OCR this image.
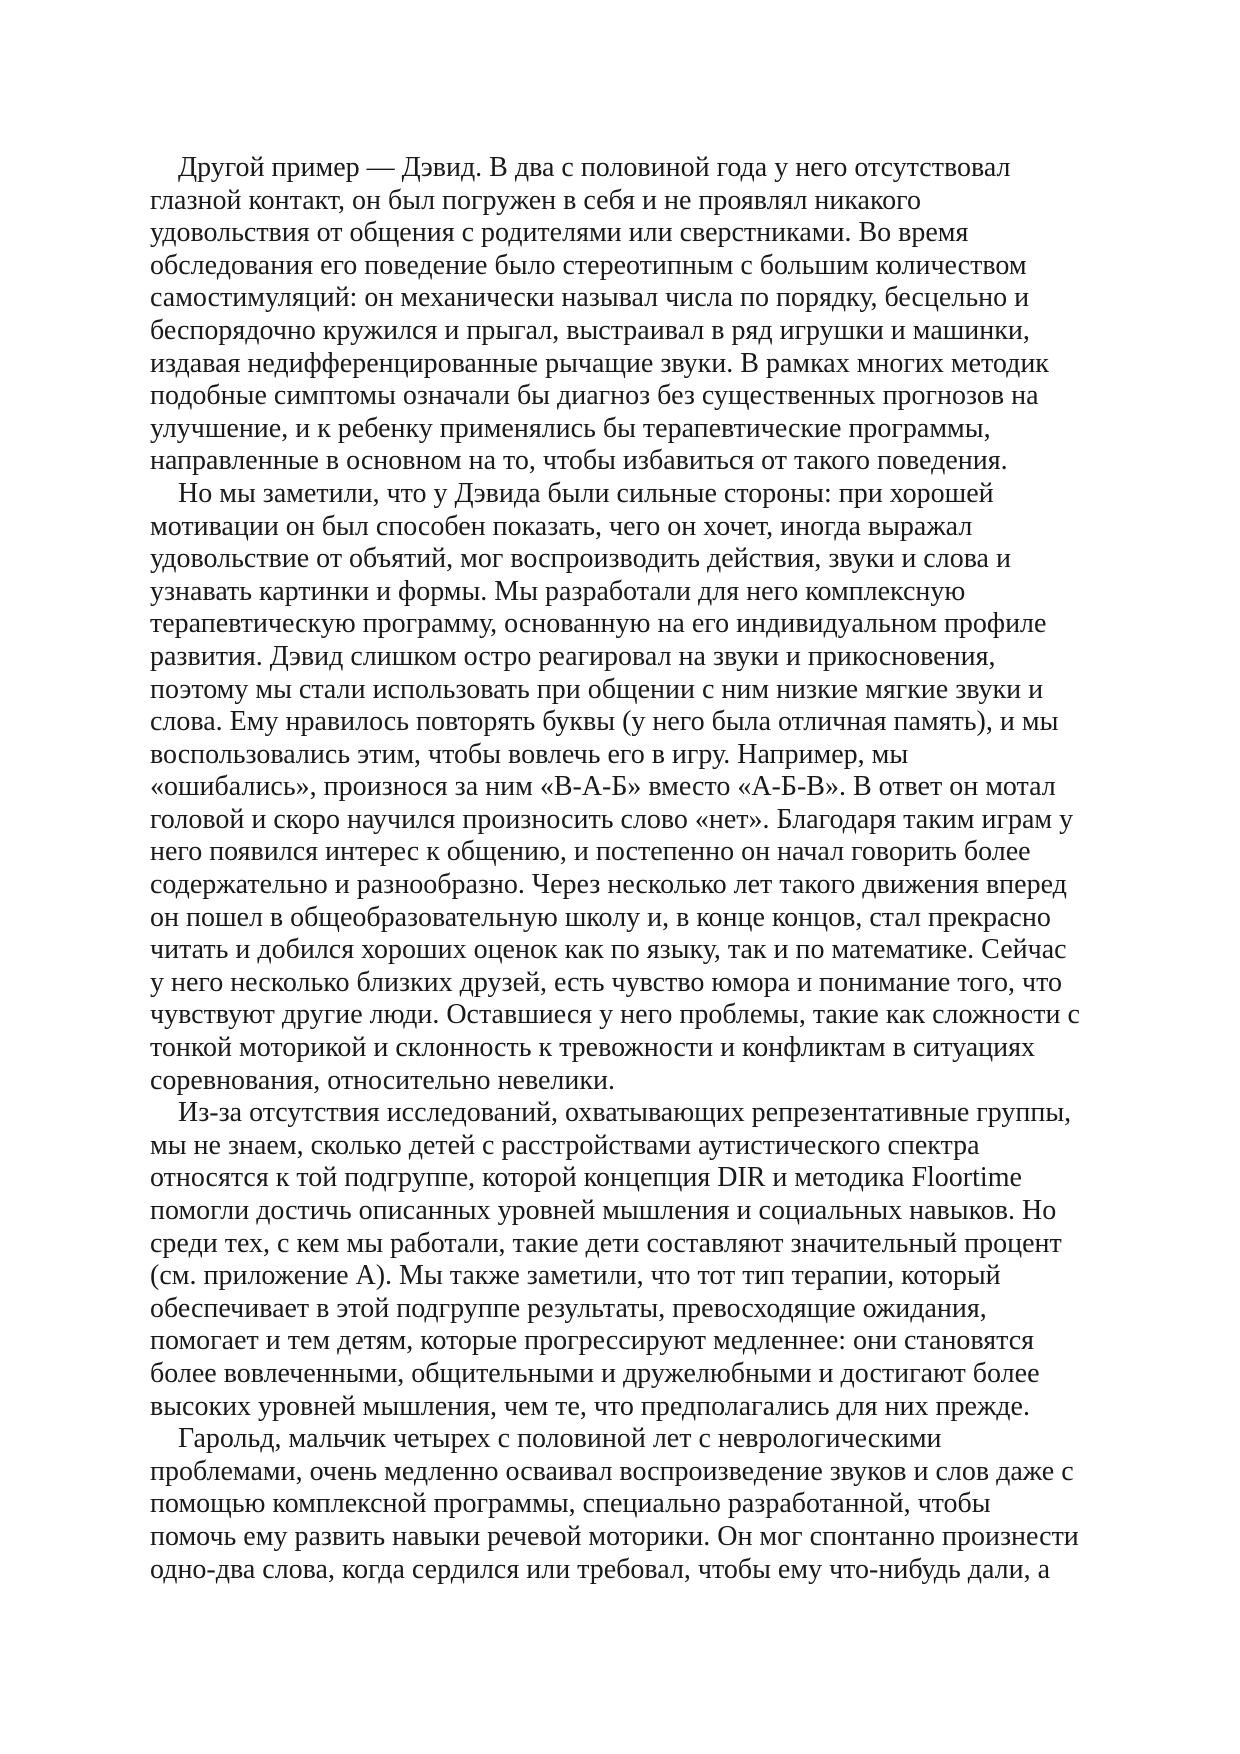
Другой пример — Дэвид. В два с половиной года у него отсутствовал
глазной контакт, он был погружен в себя и не проявлял никакого
удовольствия от общения с родителями или сверстниками. Во время
обследования его поведение было стереотипным с большим количеством
самостимуляций: он механически называл числа по порядку, бесцельно и
беспорядочно кружился и прыгал, выстраивал в ряд игрушки и машинки,
издавая недифференцированные рычащие звуки. В рамках многих методик
подобные симптомы означали бы диагноз без существенных прогнозов на
улучшение, и к ребенку применялись бы терапевтические программы,
направленные в основном на то, чтобы избавиться от такого поведения.
Но мы заметили, что у Дэвида были сильные стороны: при хорошей
мотивации он был способен показать, чего он хочет, иногда выражал
удовольствие от объятий, мог воспроизводить действия, звуки и слова и
узнавать картинки и формы. Мы разработали для него комплексную
терапевтическую программу, основанную на его индивидуальном профиле
развития. Дэвид слишком остро реагировал на звуки и прикосновения,
поэтому мы стали использовать при общении с ним низкие мягкие звуки и
слова. Ему нравилось повторять буквы (у него была отличная память), и мы
воспользовались этим, чтобы вовлечь его в игру. Например, мы
«ошибались», произнося за ним «В-А-Б» вместо «А-Б-В». В ответ он мотал
головой и скоро научился произносить слово «нет». Благодаря таким играм у
него появился интерес к общению, и постепенно он начал говорить более
содержательно и разнообразно. Через несколько лет такого движения вперед
он пошел в общеобразовательную школу и, в конце концов, стал прекрасно
читать и добился хороших оценок как по языку, так и по математике. Сейчас
у него несколько близких друзей, есть чувство юмора и понимание того, что
чувствуют другие люди. Оставшиеся у него проблемы, такие как сложности с
тонкой моторикой и склонность к тревожности и конфликтам в ситуациях
соревнования, относительно невелики.
Из-за отсутствия исследований, охватывающих репрезентативные группы,
мы не знаем, сколько детей с расстройствами аутистического спектра
относятся к той подгруппе, которой концепция DIR и методика Floortime
помогли достичь описанных уровней мышления и социальных навыков. Но
среди тех, с кем мы работали, такие дети составляют значительный процент
(см. приложение А). Мы также заметили, что тот тип терапии, который
обеспечивает в этой подгруппе результаты, превосходящие ожидания,
помогает и тем детям, которые прогрессируют медленнее: они становятся
более вовлеченными, общительными и дружелюбными и достигают более
высоких уровней мышления, чем те, что предполагались для них прежде.
Гарольд, мальчик четырех с половиной лет с неврологическими
проблемами, очень медленно осваивал воспроизведение звуков и слов даже с
помощью комплексной программы, специально разработанной, чтобы
помочь ему развить навыки речевой моторики. Он мог спонтанно произнести
одно-два слова, когда сердился или требовал, чтобы ему что-нибудь дали, а
